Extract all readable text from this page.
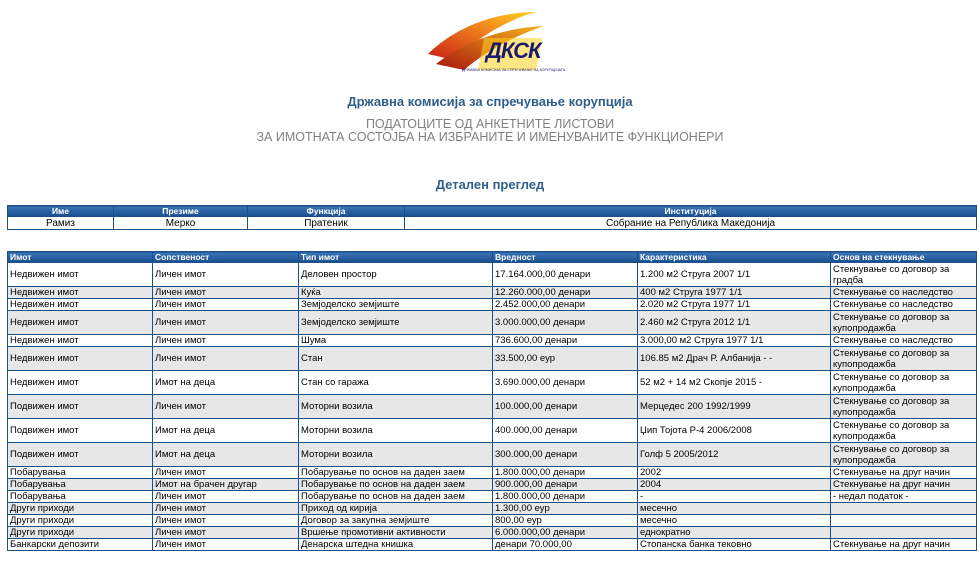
ДКСК
ДРЖАВНА КОМИСИЈА ЗА СПРЕЧУВАЊЕ НА КОРУПЦИЈАТА
Државна комисија за спречување корупција
ПОДАТОЦИТЕ ОД АНКЕТНИТЕ ЛИСТОВИ
ЗА ИМОТНАТА СОСТОЈБА НА ИЗБРАНИТЕ И ИМЕНУВАНИТЕ ФУНКЦИОНЕРИ
Детален преглед
Име	Презиме	Функција	Институција
Рамиз	Мерко	Пратеник	Собрание на Република Македонија
Имот	Сопственост	Тип имот	Вредност	Карактеристика	Основ на стекнување
Недвижен имот	Личен имот	Деловен простор	17.164.000,00 денари	1.200 м2 Струга 2007 1/1	Стекнување со договор за градба
Недвижен имот	Личен имот	Куќа	12.260.000,00 денари	400 м2 Струга 1977 1/1	Стекнување со наследство
Недвижен имот	Личен имот	Земјоделско земјиште	2.452.000,00 денари	2.020 м2 Струга 1977 1/1	Стекнување со наследство
Недвижен имот	Личен имот	Земјоделско земјиште	3.000.000,00 денари	2.460 м2 Струга 2012 1/1	Стекнување со договор за купопродажба
Недвижен имот	Личен имот	Шума	736.600,00 денари	3.000,00 м2 Струга 1977 1/1	Стекнување со наследство
Недвижен имот	Личен имот	Стан	33.500,00 еур	106.85 м2 Драч Р. Албанија - -	Стекнување со договор за купопродажба
Недвижен имот	Имот на деца	Стан со гаража	3.690.000,00 денари	52 м2 + 14 м2 Скопје 2015 -	Стекнување со договор за купопродажба
Подвижен имот	Личен имот	Моторни возила	100.000,00 денари	Мерцедес 200 1992/1999	Стекнување со договор за купопродажба
Подвижен имот	Имот на деца	Моторни возила	400.000,00 денари	Џип Тојота Р-4 2006/2008	Стекнување со договор за купопродажба
Подвижен имот	Имот на деца	Моторни возила	300.000,00 денари	Голф 5 2005/2012	Стекнување со договор за купопродажба
Побарувања	Личен имот	Побарување по основ на даден заем	1.800.000,00 денари	2002	Стекнување на друг начин
Побарувања	Имот на брачен другар	Побарување по основ на даден заем	900.000,00 денари	2004	Стекнување на друг начин
Побарувања	Личен имот	Побарување по основ на даден заем	1.800.000,00 денари	-	- недал податок -
Други приходи	Личен имот	Приход од кирија	1.300,00 еур	месечно	
Други приходи	Личен имот	Договор за закупна земјиште	800,00 еур	месечно	
Други приходи	Личен имот	Вршење промотивни активности	6.000.000,00 денари	еднократно	
Банкарски депозити	Личен имот	Денарска штедна книшка	денари 70.000,00	Стопанска банка тековно	Стекнување на друг начин
